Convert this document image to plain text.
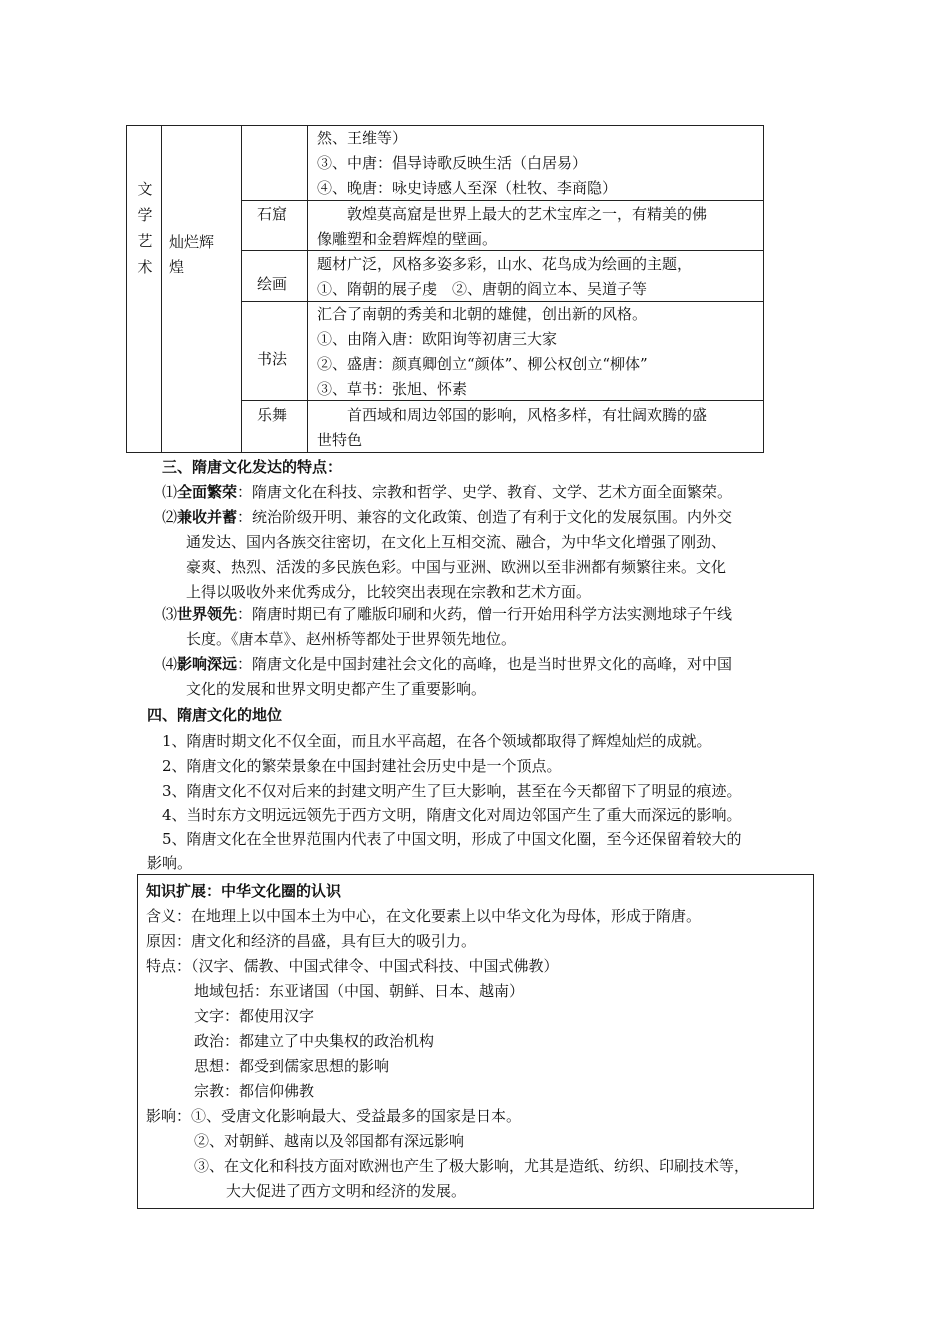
文
学
艺
术
灿烂辉
煌
然、王维等）
③、中唐：倡导诗歌反映生活（白居易）
④、晚唐：咏史诗感人至深（杜牧、李商隐）
石窟 　　敦煌莫高窟是世界上最大的艺术宝库之一，有精美的佛
像雕塑和金碧辉煌的壁画。
绘画
题材广泛，风格多姿多彩，山水、花鸟成为绘画的主题，
①、隋朝的展子虔　②、唐朝的阎立本、吴道子等
书法
汇合了南朝的秀美和北朝的雄健，创出新的风格。
①、由隋入唐：欧阳询等初唐三大家
②、盛唐：颜真卿创立“颜体”、柳公权创立“柳体”
③、草书：张旭、怀素
乐舞 　　首西域和周边邻国的影响，风格多样，有壮阔欢腾的盛
世特色
三、隋唐文化发达的特点：
⑴全面繁荣：隋唐文化在科技、宗教和哲学、史学、教育、文学、艺术方面全面繁荣。
⑵兼收并蓄：统治阶级开明、兼容的文化政策、创造了有利于文化的发展氛围。内外交
通发达、国内各族交往密切，在文化上互相交流、融合，为中华文化增强了刚劲、
豪爽、热烈、活泼的多民族色彩。中国与亚洲、欧洲以至非洲都有频繁往来。文化
上得以吸收外来优秀成分，比较突出表现在宗教和艺术方面。
⑶世界领先：隋唐时期已有了雕版印刷和火药，僧一行开始用科学方法实测地球子午线
长度。《唐本草》、赵州桥等都处于世界领先地位。
⑷影响深远：隋唐文化是中国封建社会文化的高峰，也是当时世界文化的高峰，对中国
文化的发展和世界文明史都产生了重要影响。
四、隋唐文化的地位
1、隋唐时期文化不仅全面，而且水平高超，在各个领域都取得了辉煌灿烂的成就。
2、隋唐文化的繁荣景象在中国封建社会历史中是一个顶点。
3、隋唐文化不仅对后来的封建文明产生了巨大影响，甚至在今天都留下了明显的痕迹。
4、当时东方文明远远领先于西方文明，隋唐文化对周边邻国产生了重大而深远的影响。
5、隋唐文化在全世界范围内代表了中国文明，形成了中国文化圈，至今还保留着较大的
影响。
知识扩展：中华文化圈的认识
含义：在地理上以中国本土为中心，在文化要素上以中华文化为母体，形成于隋唐。
原因：唐文化和经济的昌盛，具有巨大的吸引力。
特点：（汉字、儒教、中国式律令、中国式科技、中国式佛教）
地域包括：东亚诸国（中国、朝鲜、日本、越南）
文字：都使用汉字
政治：都建立了中央集权的政治机构
思想：都受到儒家思想的影响
宗教：都信仰佛教
影响：①、受唐文化影响最大、受益最多的国家是日本。
②、对朝鲜、越南以及邻国都有深远影响
③、在文化和科技方面对欧洲也产生了极大影响，尤其是造纸、纺织、印刷技术等，
大大促进了西方文明和经济的发展。
